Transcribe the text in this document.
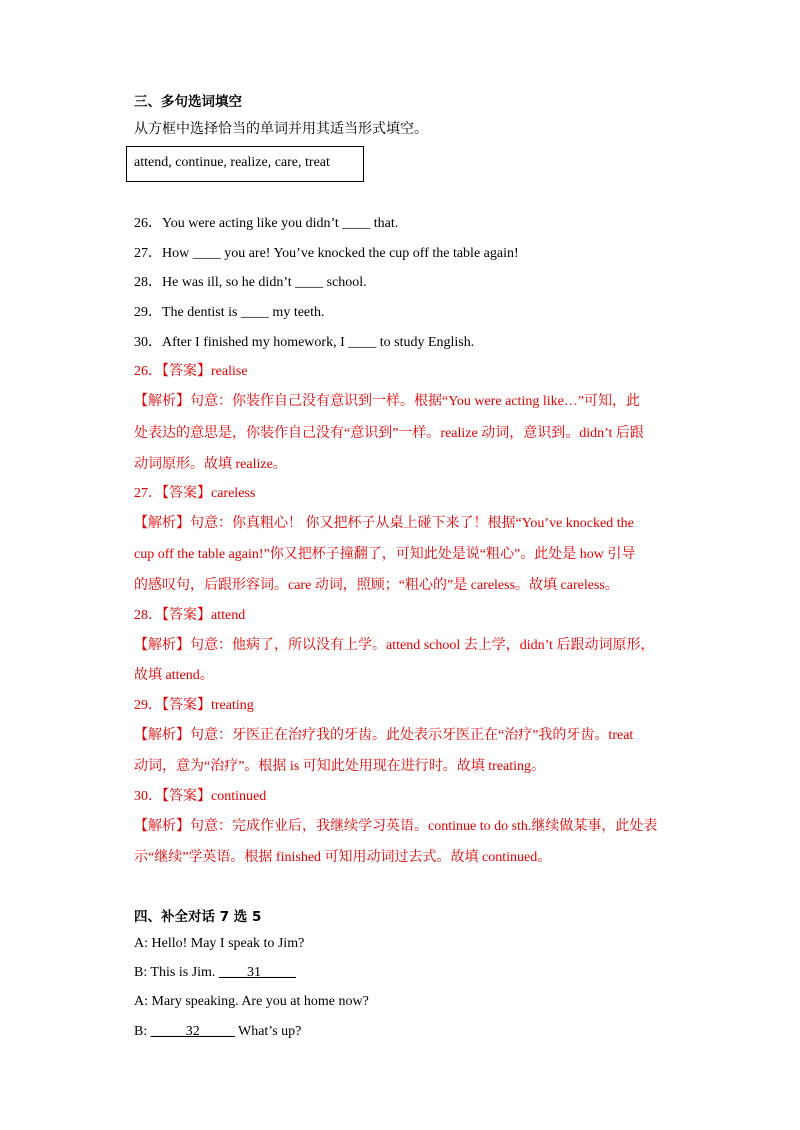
三、多句选词填空
从方框中选择恰当的单词并用其适当形式填空。
attend, continue, realize, care, treat
26．You were acting like you didn’t ____ that.
27．How ____ you are! You’ve knocked the cup off the table again!
28．He was ill, so he didn’t ____ school.
29．The dentist is ____ my teeth.
30．After I finished my homework, I ____ to study English.
26．【答案】realise
【解析】句意：你装作自己没有意识到一样。根据“You were acting like…”可知，此
处表达的意思是，你装作自己没有“意识到”一样。realize 动词，意识到。didn’t 后跟
动词原形。故填 realize。
27．【答案】careless
【解析】句意：你真粗心！ 你又把杯子从桌上碰下来了！根据“You’ve knocked the
cup off the table again!”你又把杯子撞翻了，可知此处是说“粗心”。此处是 how 引导
的感叹句，后跟形容词。care 动词，照顾；“粗心的”是 careless。故填 careless。
28．【答案】attend
【解析】句意：他病了，所以没有上学。attend school 去上学，didn’t 后跟动词原形，
故填 attend。
29．【答案】treating
【解析】句意：牙医正在治疗我的牙齿。此处表示牙医正在“治疗”我的牙齿。treat
动词，意为“治疗”。根据 is 可知此处用现在进行时。故填 treating。
30．【答案】continued
【解析】句意：完成作业后，我继续学习英语。continue to do sth.继续做某事，此处表
示“继续”学英语。根据 finished 可知用动词过去式。故填 continued。
四、补全对话 7 选 5
A: Hello! May I speak to Jim?
B: This is Jim. ____31_____
A: Mary speaking. Are you at home now?
B: _____32_____ What’s up?
